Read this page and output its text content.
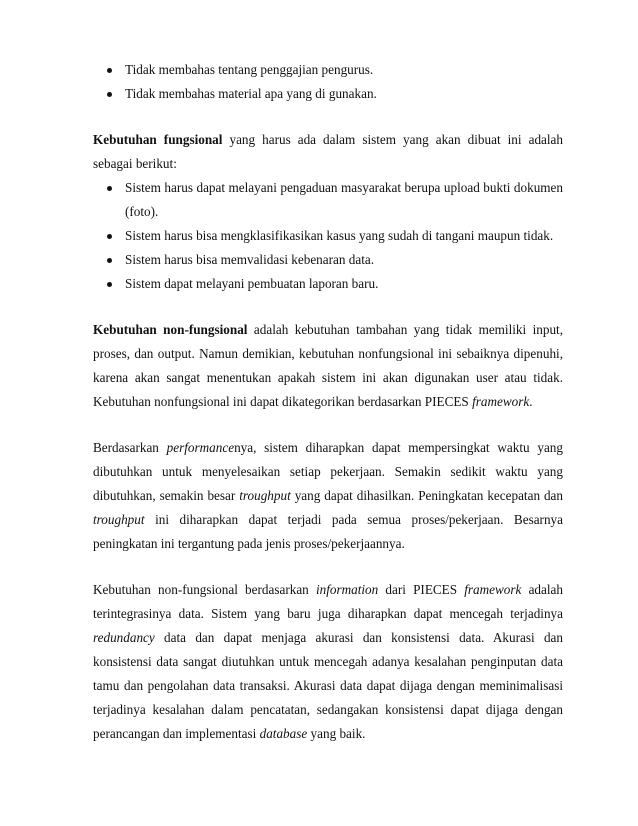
Tidak membahas tentang penggajian pengurus.
Tidak membahas material apa yang di gunakan.

Kebutuhan fungsional yang harus ada dalam sistem yang akan dibuat ini adalah sebagai berikut:

Sistem harus dapat melayani pengaduan masyarakat berupa upload bukti dokumen (foto).
Sistem harus bisa mengklasifikasikan kasus yang sudah di tangani maupun tidak.
Sistem harus bisa memvalidasi kebenaran data.
Sistem dapat melayani pembuatan laporan baru.

Kebutuhan non-fungsional adalah kebutuhan tambahan yang tidak memiliki input, proses, dan output. Namun demikian, kebutuhan nonfungsional ini sebaiknya dipenuhi, karena akan sangat menentukan apakah sistem ini akan digunakan user atau tidak. Kebutuhan nonfungsional ini dapat dikategorikan berdasarkan PIECES framework.

Berdasarkan performancenya, sistem diharapkan dapat mempersingkat waktu yang dibutuhkan untuk menyelesaikan setiap pekerjaan. Semakin sedikit waktu yang dibutuhkan, semakin besar troughput yang dapat dihasilkan. Peningkatan kecepatan dan troughput ini diharapkan dapat terjadi pada semua proses/pekerjaan. Besarnya peningkatan ini tergantung pada jenis proses/pekerjaannya.

Kebutuhan non-fungsional berdasarkan information dari PIECES framework adalah terintegrasinya data. Sistem yang baru juga diharapkan dapat mencegah terjadinya redundancy data dan dapat menjaga akurasi dan konsistensi data. Akurasi dan konsistensi data sangat diutuhkan untuk mencegah adanya kesalahan penginputan data tamu dan pengolahan data transaksi. Akurasi data dapat dijaga dengan meminimalisasi terjadinya kesalahan dalam pencatatan, sedangakan konsistensi dapat dijaga dengan perancangan dan implementasi database yang baik.
